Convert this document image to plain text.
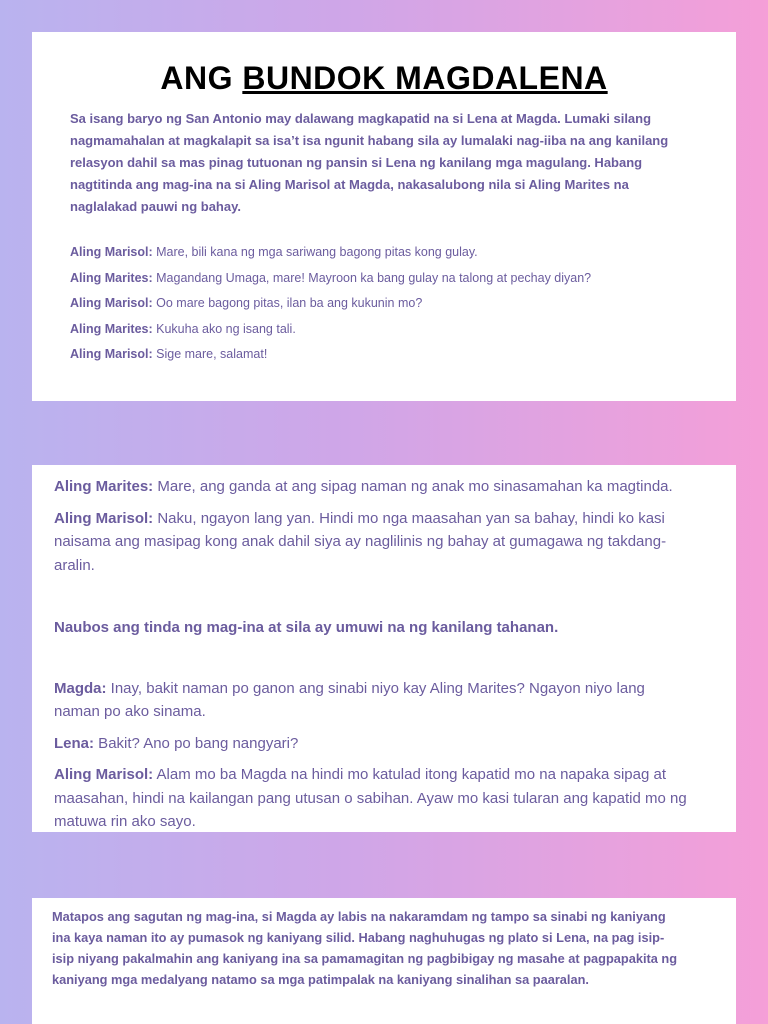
ANG BUNDOK MAGDALENA

Sa isang baryo ng San Antonio may dalawang magkapatid na si Lena at Magda. Lumaki silang
nagmamahalan at magkalapit sa isa’t isa ngunit habang sila ay lumalaki nag-iiba na ang kanilang
relasyon dahil sa mas pinag tutuonan ng pansin si Lena ng kanilang mga magulang. Habang
nagtitinda ang mag-ina na si Aling Marisol at Magda, nakasalubong nila si Aling Marites na
naglalakad pauwi ng bahay.

Aling Marisol: Mare, bili kana ng mga sariwang bagong pitas kong gulay.

Aling Marites: Magandang Umaga, mare! Mayroon ka bang gulay na talong at pechay diyan?

Aling Marisol: Oo mare bagong pitas, ilan ba ang kukunin mo?

Aling Marites: Kukuha ako ng isang tali.

Aling Marisol: Sige mare, salamat!

Aling Marites: Mare, ang ganda at ang sipag naman ng anak mo sinasamahan ka magtinda.

Aling Marisol: Naku, ngayon lang yan. Hindi mo nga maasahan yan sa bahay, hindi ko kasi
naisama ang masipag kong anak dahil siya ay naglilinis ng bahay at gumagawa ng takdang-
aralin.

Naubos ang tinda ng mag-ina at sila ay umuwi na ng kanilang tahanan.

Magda: Inay, bakit naman po ganon ang sinabi niyo kay Aling Marites? Ngayon niyo lang
naman po ako sinama.

Lena: Bakit? Ano po bang nangyari?

Aling Marisol: Alam mo ba Magda na hindi mo katulad itong kapatid mo na napaka sipag at
maasahan, hindi na kailangan pang utusan o sabihan. Ayaw mo kasi tularan ang kapatid mo ng
matuwa rin ako sayo.

Matapos ang sagutan ng mag-ina, si Magda ay labis na nakaramdam ng tampo sa sinabi ng kaniyang
ina kaya naman ito ay pumasok ng kaniyang silid. Habang naghuhugas ng plato si Lena, na pag isip-
isip niyang pakalmahin ang kaniyang ina sa pamamagitan ng pagbibigay ng masahe at pagpapakita ng
kaniyang mga medalyang natamo sa mga patimpalak na kaniyang sinalihan sa paaralan.
